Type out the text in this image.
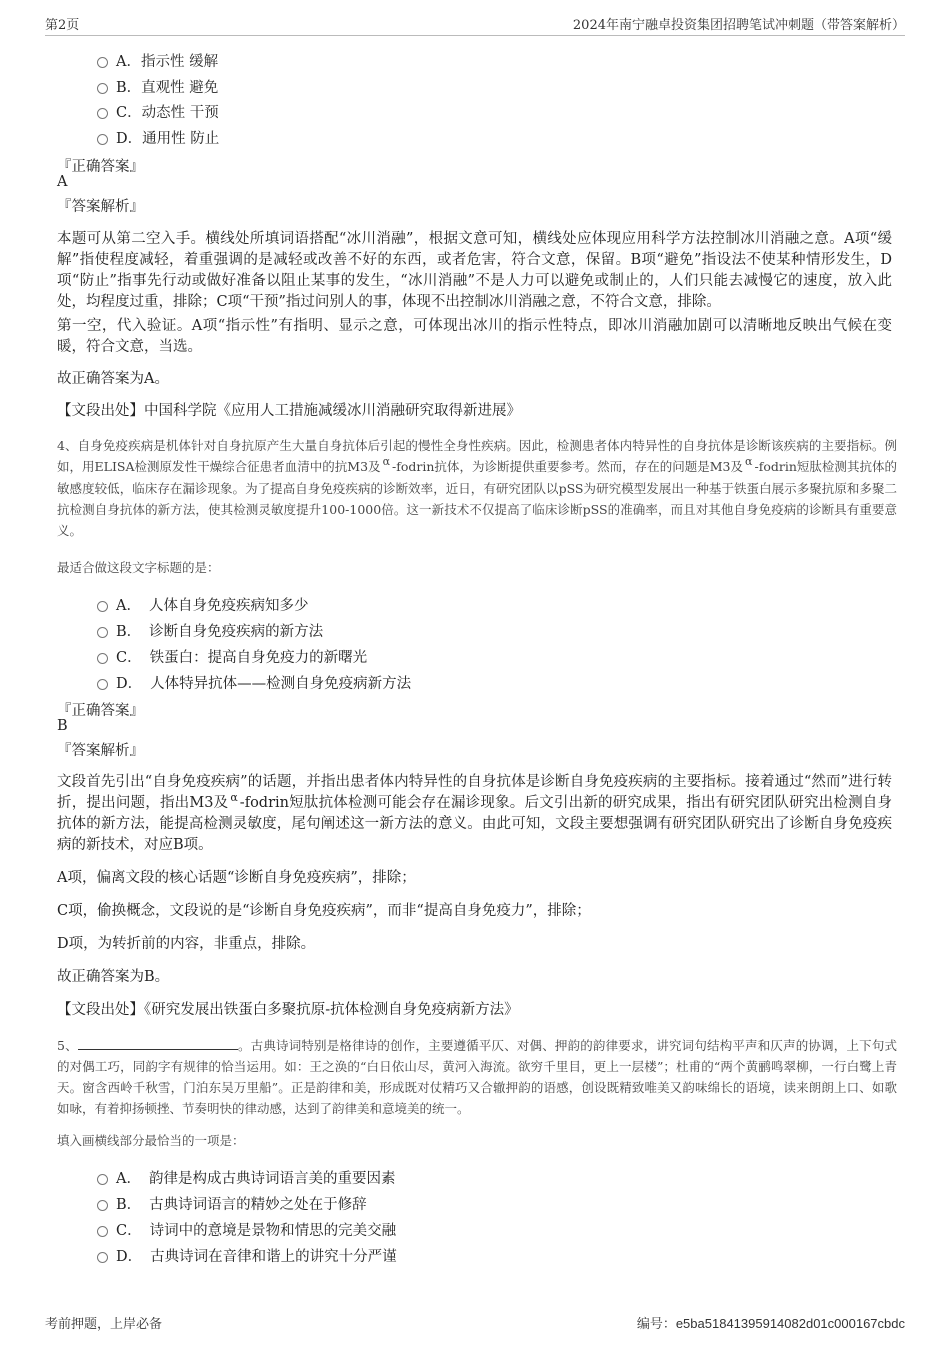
第2页	2024年南宁融卓投资集团招聘笔试冲刺题（带答案解析）
A． 指示性 缓解
B． 直观性 避免
C． 动态性 干预
D． 通用性 防止
『正确答案』
A
『答案解析』
本题可从第二空入手。横线处所填词语搭配“冰川消融”，根据文意可知，横线处应体现应用科学方法控制冰川消融之意。A项“缓解”指使程度减轻，着重强调的是减轻或改善不好的东西，或者危害，符合文意，保留。B项“避免”指设法不使某种情形发生，D项“防止”指事先行动或做好准备以阻止某事的发生，“冰川消融”不是人力可以避免或制止的，人们只能去减慢它的速度，放入此处，均程度过重，排除；C项“干预”指过问别人的事，体现不出控制冰川消融之意，不符合文意，排除。
第一空，代入验证。A项“指示性”有指明、显示之意，可体现出冰川的指示性特点，即冰川消融加剧可以清晰地反映出气候在变暖，符合文意，当选。
故正确答案为A。
【文段出处】中国科学院《应用人工措施减缓冰川消融研究取得新进展》
4、自身免疫疾病是机体针对自身抗原产生大量自身抗体后引起的慢性全身性疾病。因此，检测患者体内特异性的自身抗体是诊断该疾病的主要指标。例如，用ELISA检测原发性干燥综合征患者血清中的抗M3及 α -fodrin抗体，为诊断提供重要参考。然而，存在的问题是M3及 α -fodrin短肽检测其抗体的敏感度较低，临床存在漏诊现象。为了提高自身免疫疾病的诊断效率，近日，有研究团队以pSS为研究模型发展出一种基于铁蛋白展示多聚抗原和多聚二抗检测自身抗体的新方法，使其检测灵敏度提升100-1000倍。这一新技术不仅提高了临床诊断pSS的准确率，而且对其他自身免疫病的诊断具有重要意义。
最适合做这段文字标题的是：
A． 人体自身免疫疾病知多少
B． 诊断自身免疫疾病的新方法
C． 铁蛋白：提高自身免疫力的新曙光
D． 人体特异抗体——检测自身免疫病新方法
『正确答案』
B
『答案解析』
文段首先引出“自身免疫疾病”的话题，并指出患者体内特异性的自身抗体是诊断自身免疫疾病的主要指标。接着通过“然而”进行转折，提出问题，指出M3及 $^\alpha$ -fodrin短肽抗体检测可能会存在漏诊现象。后文引出新的研究成果，指出有研究团队研究出检测自身抗体的新方法，能提高检测灵敏度，尾句阐述这一新方法的意义。由此可知，文段主要想强调有研究团队研究出了诊断自身免疫疾病的新技术，对应B项。
A项，偏离文段的核心话题“诊断自身免疫疾病”，排除；
C项，偷换概念，文段说的是“诊断自身免疫疾病”，而非“提高自身免疫力”，排除；
D项，为转折前的内容，非重点，排除。
故正确答案为B。
【文段出处】《研究发展出铁蛋白多聚抗原-抗体检测自身免疫病新方法》
5、	。古典诗词特别是格律诗的创作，主要遵循平仄、对偶、押韵的韵律要求，讲究词句结构平声和仄声的协调，上下句式的对偶工巧，同韵字有规律的恰当运用。如：王之涣的“白日依山尽，黄河入海流。欲穷千里目，更上一层楼”；杜甫的“两个黄鹂鸣翠柳，一行白鹭上青天。窗含西岭千秋雪，门泊东吴万里船”。正是韵律和美，形成既对仗精巧又合辙押韵的语感，创设既精致唯美又韵味绵长的语境，读来朗朗上口、如歌如咏，有着抑扬顿挫、节奏明快的律动感，达到了韵律美和意境美的统一。
填入画横线部分最恰当的一项是：
A． 韵律是构成古典诗词语言美的重要因素
B． 古典诗词语言的精妙之处在于修辞
C． 诗词中的意境是景物和情思的完美交融
D． 古典诗词在音律和谐上的讲究十分严谨
考前押题，上岸必备	编号：e5ba51841395914082d01c000167cbdc
